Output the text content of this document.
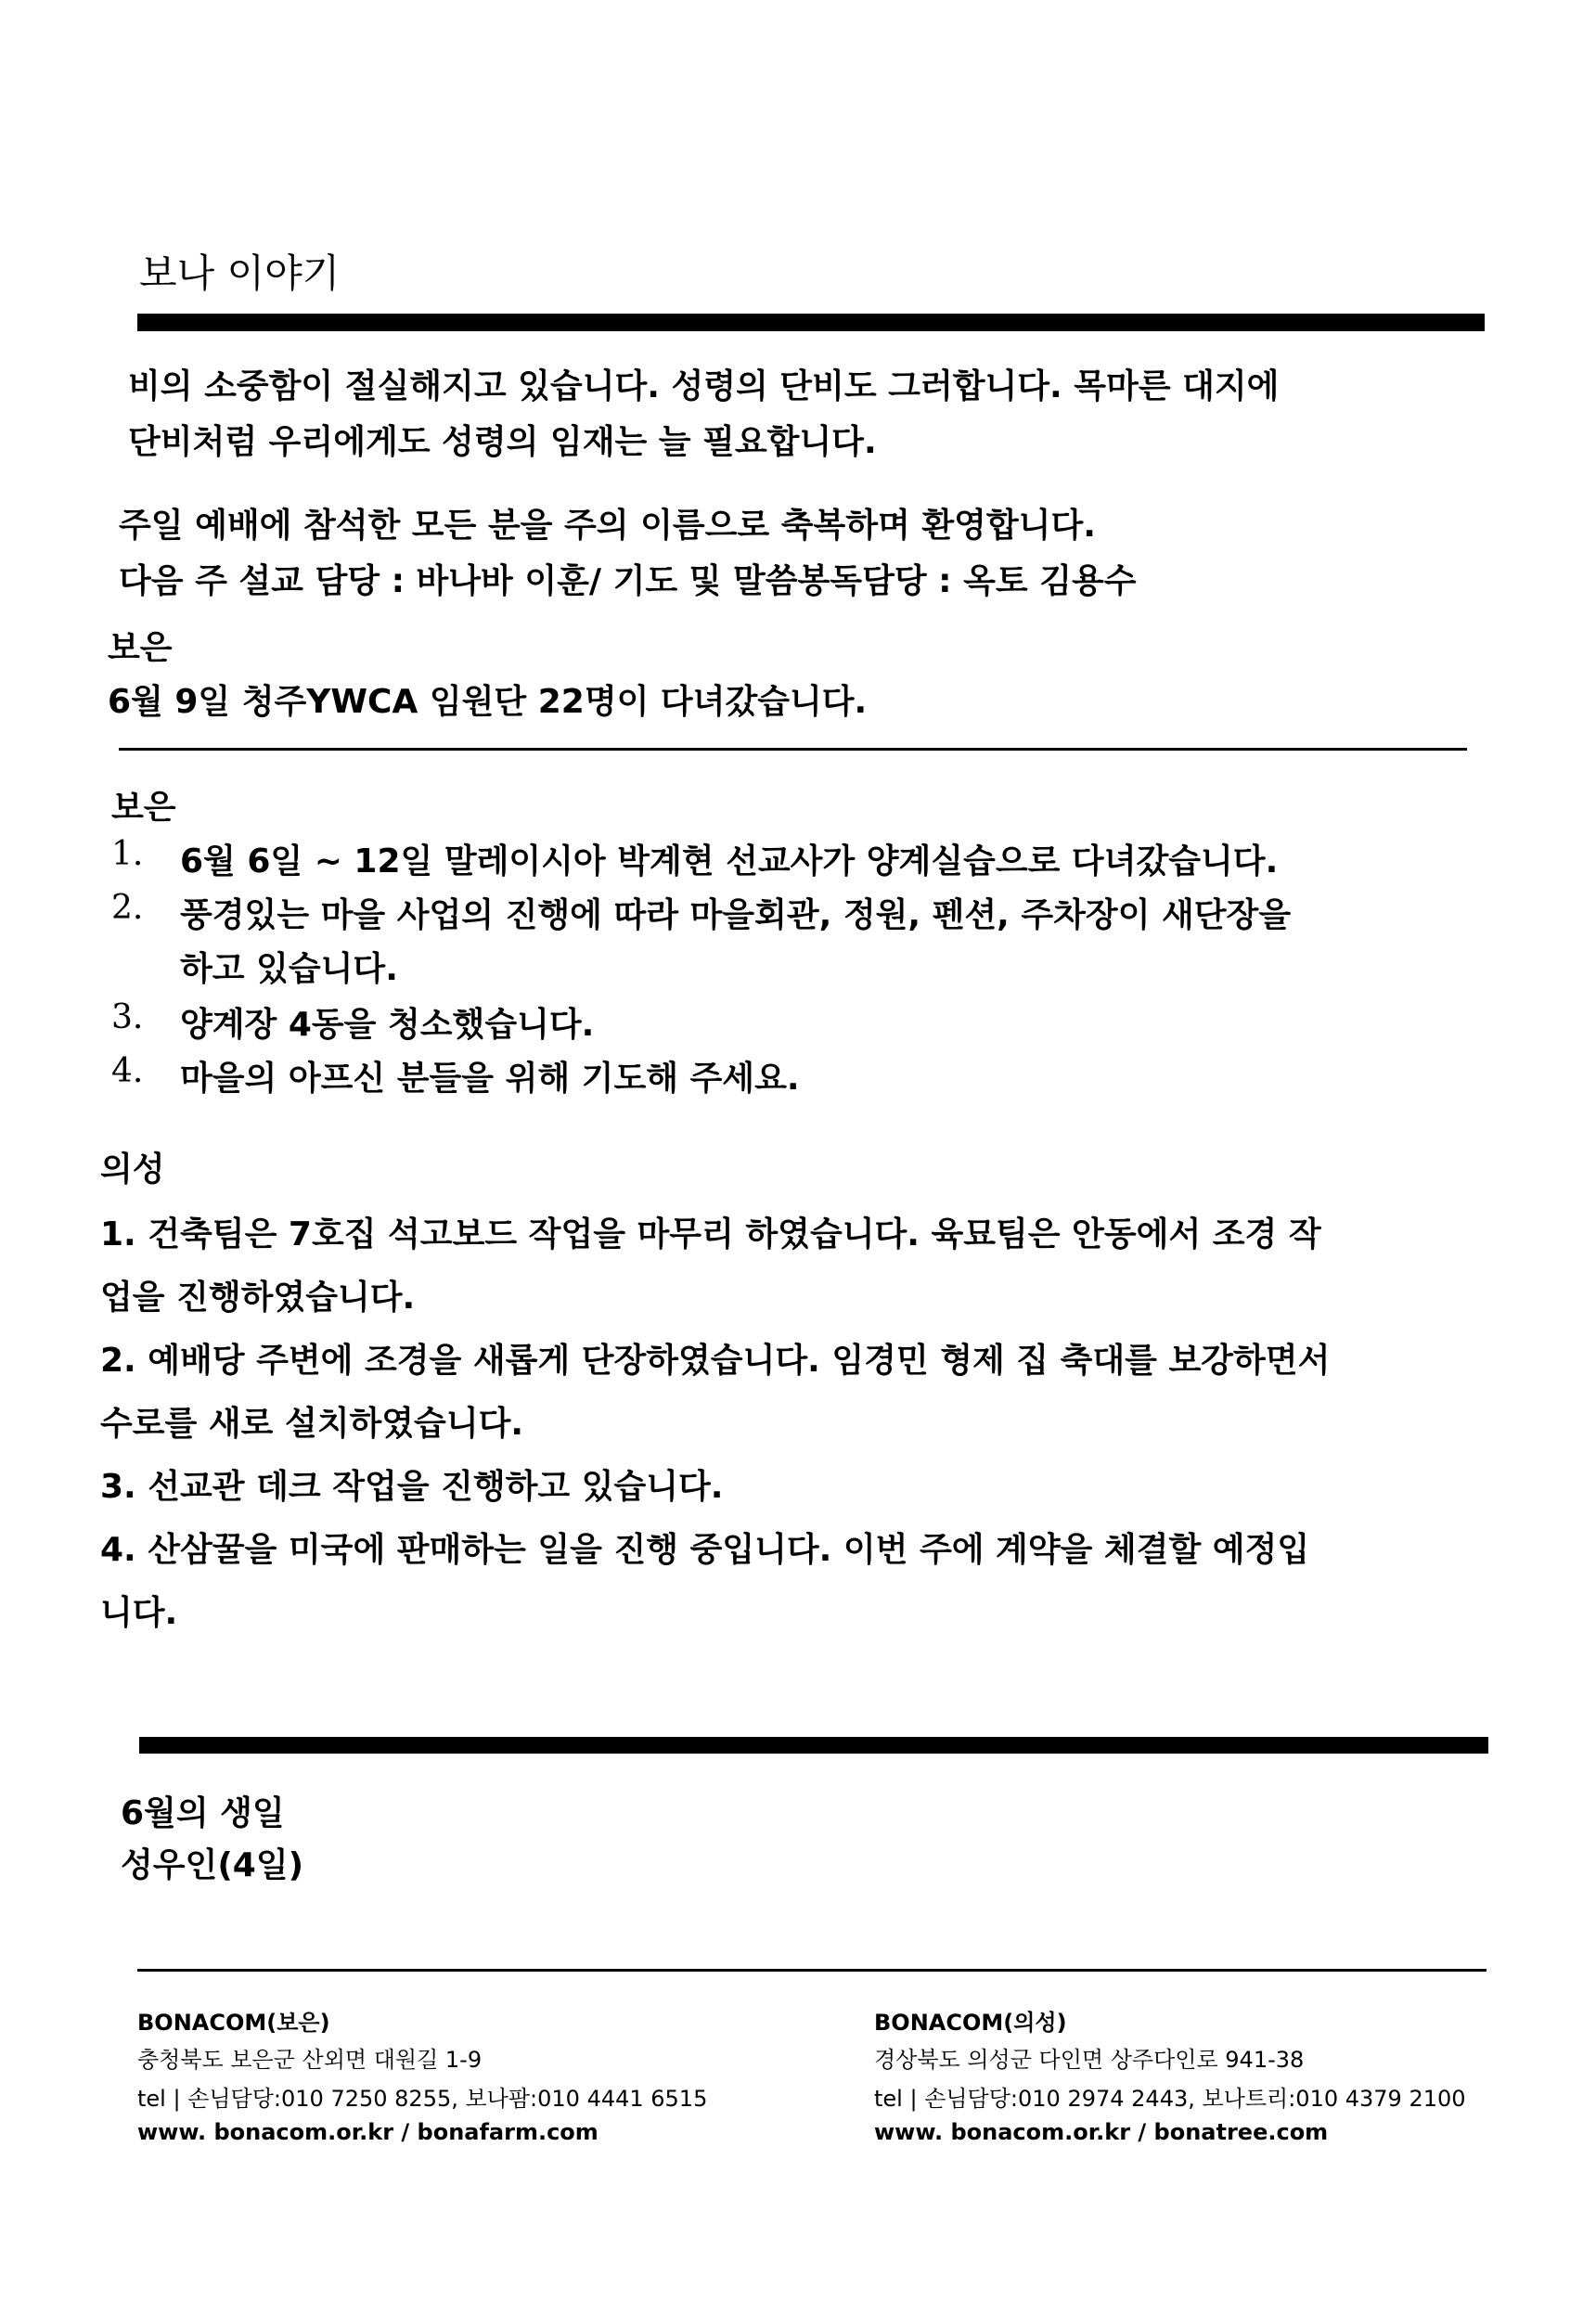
보나 이야기
비의 소중함이 절실해지고 있습니다. 성령의 단비도 그러합니다. 목마른 대지에
단비처럼 우리에게도 성령의 임재는 늘 필요합니다.
주일 예배에 참석한 모든 분을 주의 이름으로 축복하며 환영합니다.
다음 주 설교 담당 : 바나바 이훈/ 기도 및 말씀봉독담당 : 옥토 김용수
보은
6월 9일 청주YWCA 임원단 22명이 다녀갔습니다.
보은
1. 6월 6일 ~ 12일 말레이시아 박계현 선교사가 양계실습으로 다녀갔습니다.
2. 풍경있는 마을 사업의 진행에 따라 마을회관, 정원, 펜션, 주차장이 새단장을
하고 있습니다.
3. 양계장 4동을 청소했습니다.
4. 마을의 아프신 분들을 위해 기도해 주세요.
의성
1. 건축팀은 7호집 석고보드 작업을 마무리 하였습니다. 육묘팀은 안동에서 조경 작
업을 진행하였습니다.
2. 예배당 주변에 조경을 새롭게 단장하였습니다. 임경민 형제 집 축대를 보강하면서
수로를 새로 설치하였습니다.
3. 선교관 데크 작업을 진행하고 있습니다.
4. 산삼꿀을 미국에 판매하는 일을 진행 중입니다. 이번 주에 계약을 체결할 예정입
니다.
6월의 생일
성우인(4일)
BONACOM(보은)
충청북도 보은군 산외면 대원길 1-9
tel | 손님담당:010 7250 8255, 보나팜:010 4441 6515
www. bonacom.or.kr / bonafarm.com
BONACOM(의성)
경상북도 의성군 다인면 상주다인로 941-38
tel | 손님담당:010 2974 2443, 보나트리:010 4379 2100
www. bonacom.or.kr / bonatree.com
